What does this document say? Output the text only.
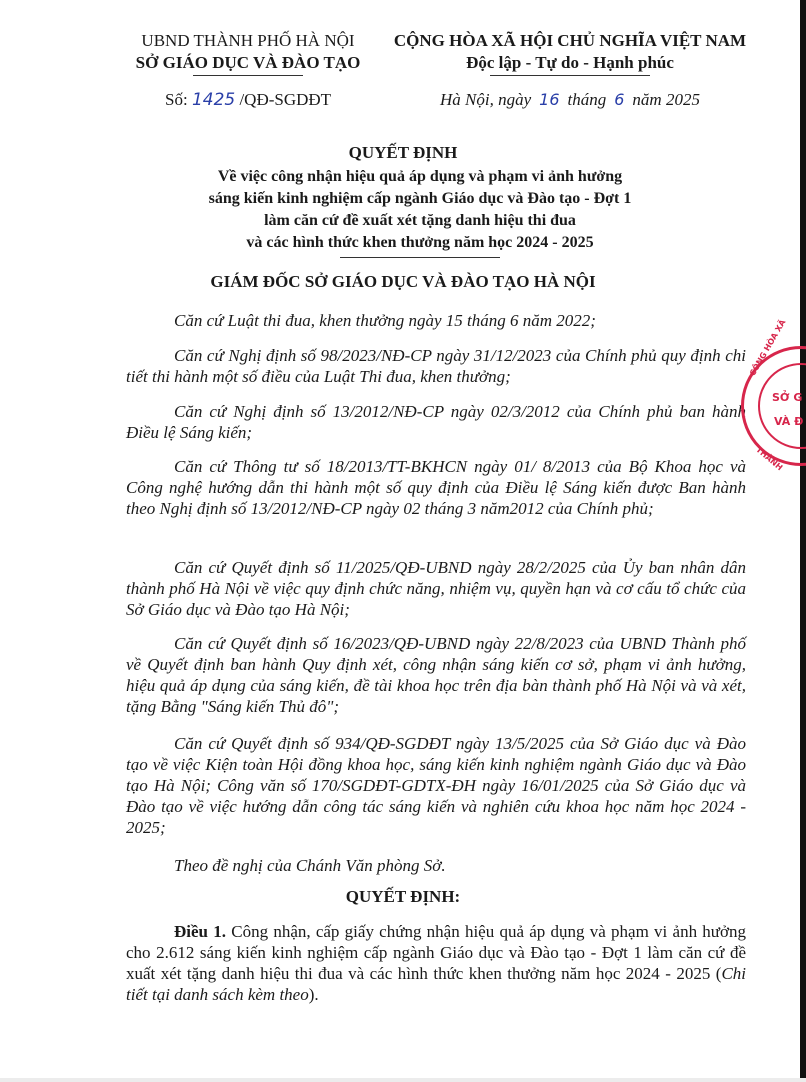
UBND THÀNH PHỐ HÀ NỘI
SỞ GIÁO DỤC VÀ ĐÀO TẠO
CỘNG HÒA XÃ HỘI CHỦ NGHĨA VIỆT NAM
Độc lập - Tự do - Hạnh phúc
Số: 1425 /QĐ-SGDĐT	Hà Nội, ngày 16 tháng 6 năm 2025
QUYẾT ĐỊNH
Về việc công nhận hiệu quả áp dụng và phạm vi ảnh hưởng
sáng kiến kinh nghiệm cấp ngành Giáo dục và Đào tạo - Đợt 1
làm căn cứ đề xuất xét tặng danh hiệu thi đua
và các hình thức khen thưởng năm học 2024 - 2025
GIÁM ĐỐC SỞ GIÁO DỤC VÀ ĐÀO TẠO HÀ NỘI

Căn cứ Luật thi đua, khen thưởng ngày 15 tháng 6 năm 2022;

Căn cứ Nghị định số 98/2023/NĐ-CP ngày 31/12/2023 của Chính phủ quy định chi tiết thi hành một số điều của Luật Thi đua, khen thưởng;

Căn cứ Nghị định số 13/2012/NĐ-CP ngày 02/3/2012 của Chính phủ ban hành Điều lệ Sáng kiến;

Căn cứ Thông tư số 18/2013/TT-BKHCN ngày 01/ 8/2013 của Bộ Khoa học và Công nghệ hướng dẫn thi hành một số quy định của Điều lệ Sáng kiến được Ban hành theo Nghị định số 13/2012/NĐ-CP ngày 02 tháng 3 năm2012 của Chính phủ;

Căn cứ Quyết định số 11/2025/QĐ-UBND ngày 28/2/2025 của Ủy ban nhân dân thành phố Hà Nội về việc quy định chức năng, nhiệm vụ, quyền hạn và cơ cấu tổ chức của Sở Giáo dục và Đào tạo Hà Nội;

Căn cứ Quyết định số 16/2023/QĐ-UBND ngày 22/8/2023 của UBND Thành phố về Quyết định ban hành Quy định xét, công nhận sáng kiến cơ sở, phạm vi ảnh hưởng, hiệu quả áp dụng của sáng kiến, đề tài khoa học trên địa bàn thành phố Hà Nội và và xét, tặng Bằng "Sáng kiến Thủ đô";

Căn cứ Quyết định số 934/QĐ-SGDĐT ngày 13/5/2025 của Sở Giáo dục và Đào tạo về việc Kiện toàn Hội đồng khoa học, sáng kiến kinh nghiệm ngành Giáo dục và Đào tạo Hà Nội; Công văn số 170/SGDĐT-GDTX-ĐH ngày 16/01/2025 của Sở Giáo dục và Đào tạo về việc hướng dẫn công tác sáng kiến và nghiên cứu khoa học năm học 2024 - 2025;

Theo đề nghị của Chánh Văn phòng Sở.

QUYẾT ĐỊNH:

Điều 1. Công nhận, cấp giấy chứng nhận hiệu quả áp dụng và phạm vi ảnh hưởng cho 2.612 sáng kiến kinh nghiệm cấp ngành Giáo dục và Đào tạo - Đợt 1 làm căn cứ đề xuất xét tặng danh hiệu thi đua và các hình thức khen thưởng năm học 2024 - 2025 (Chi tiết tại danh sách kèm theo).

CÔNG HÒA XÃ
SỞ G
VÀ Đ
THÀNH
